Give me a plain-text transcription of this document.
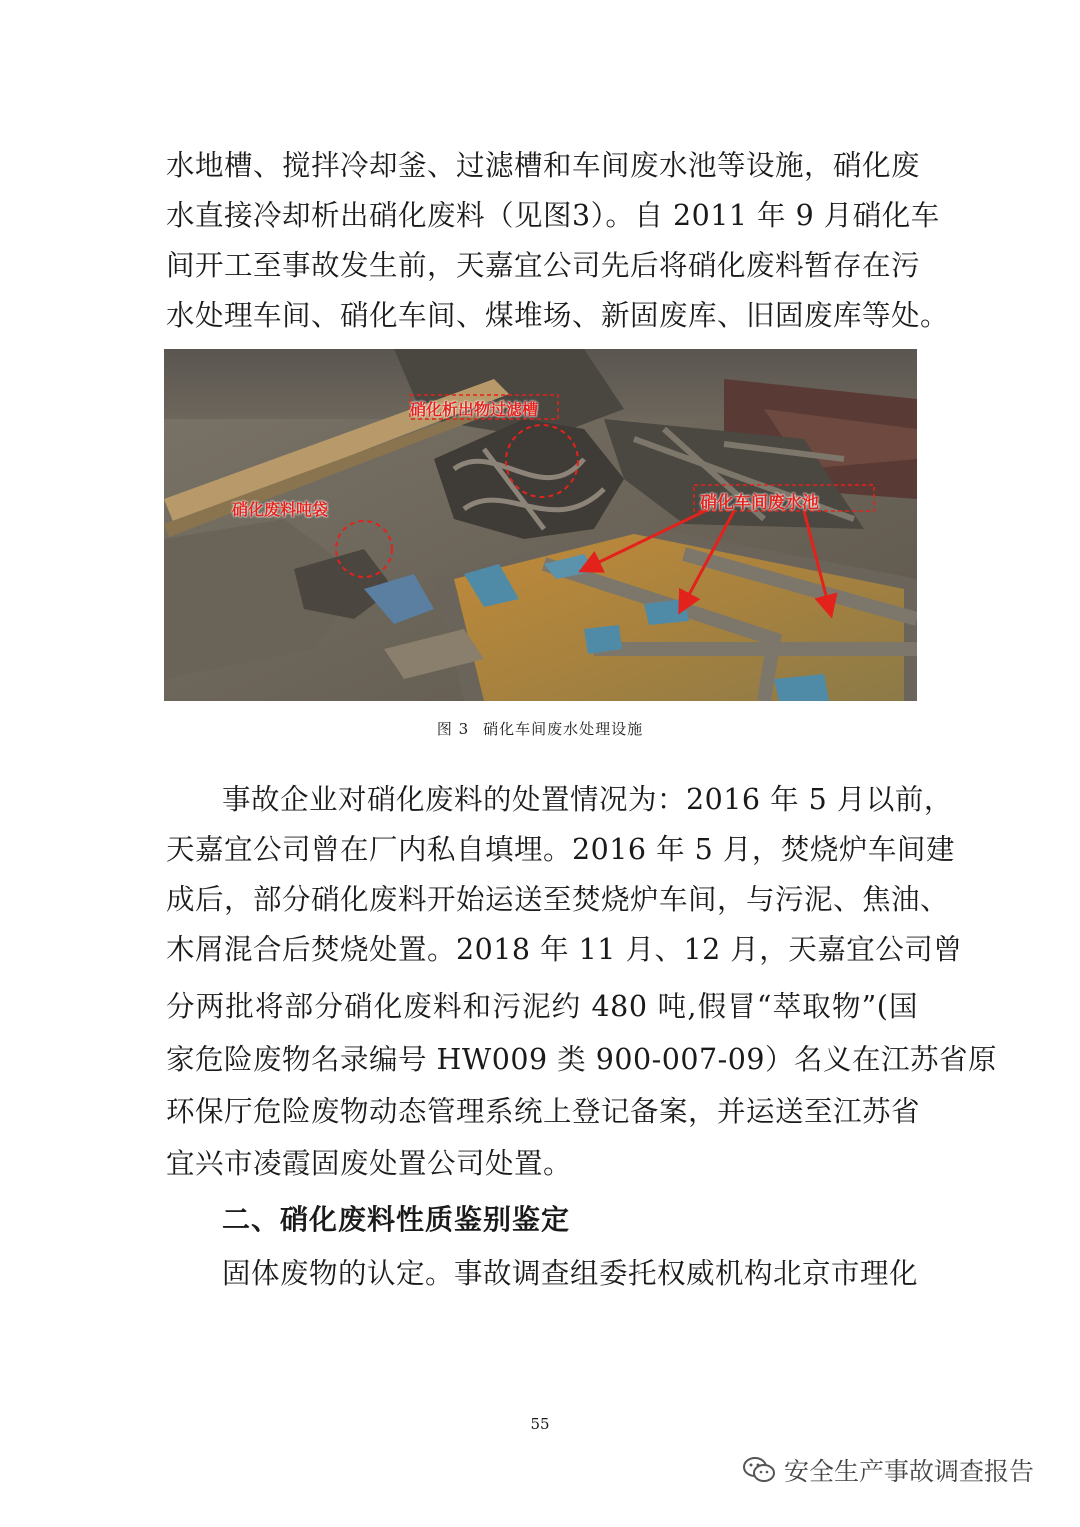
水地槽、搅拌冷却釜、过滤槽和车间废水池等设施，硝化废
水直接冷却析出硝化废料（见图3）。自 2011 年 9 月硝化车
间开工至事故发生前，天嘉宜公司先后将硝化废料暂存在污
水处理车间、硝化车间、煤堆场、新固废库、旧固废库等处。
硝化析出物过滤槽
硝化废料吨袋	硝化车间废水池
图 3 硝化车间废水处理设施
事故企业对硝化废料的处置情况为：2016 年 5 月以前，
天嘉宜公司曾在厂内私自填埋。2016 年 5 月，焚烧炉车间建
成后，部分硝化废料开始运送至焚烧炉车间，与污泥、焦油、
木屑混合后焚烧处置。2018 年 11 月、12 月，天嘉宜公司曾
分两批将部分硝化废料和污泥约 480 吨,假冒“萃取物”(国
家危险废物名录编号 HW009 类 900-007-09）名义在江苏省原
环保厅危险废物动态管理系统上登记备案，并运送至江苏省
宜兴市凌霞固废处置公司处置。
二、硝化废料性质鉴别鉴定
固体废物的认定。事故调查组委托权威机构北京市理化
55
安全生产事故调查报告
